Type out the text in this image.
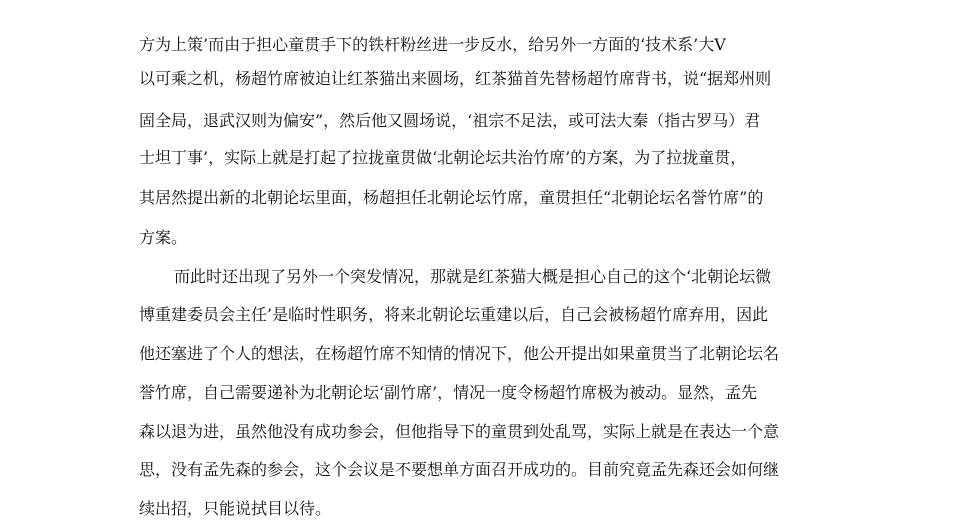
方为上策’而由于担心童贯手下的铁杆粉丝进一步反水，给另外一方面的‘技术系’大V
以可乘之机，杨超竹席被迫让红茶猫出来圆场，红茶猫首先替杨超竹席背书，说“据郑州则
固全局，退武汉则为偏安”，然后他又圆场说，‘祖宗不足法，或可法大秦（指古罗马）君
士坦丁事’，实际上就是打起了拉拢童贯做‘北朝论坛共治竹席’的方案，为了拉拢童贯，
其居然提出新的北朝论坛里面，杨超担任北朝论坛竹席，童贯担任“北朝论坛名誉竹席”的
方案。
而此时还出现了另外一个突发情况，那就是红茶猫大概是担心自己的这个‘北朝论坛微
博重建委员会主任’是临时性职务，将来北朝论坛重建以后，自己会被杨超竹席弃用，因此
他还塞进了个人的想法，在杨超竹席不知情的情况下，他公开提出如果童贯当了北朝论坛名
誉竹席，自己需要递补为北朝论坛‘副竹席’，情况一度令杨超竹席极为被动。显然，孟先
森以退为进，虽然他没有成功参会，但他指导下的童贯到处乱骂，实际上就是在表达一个意
思，没有孟先森的参会，这个会议是不要想单方面召开成功的。目前究竟孟先森还会如何继
续出招，只能说拭目以待。
